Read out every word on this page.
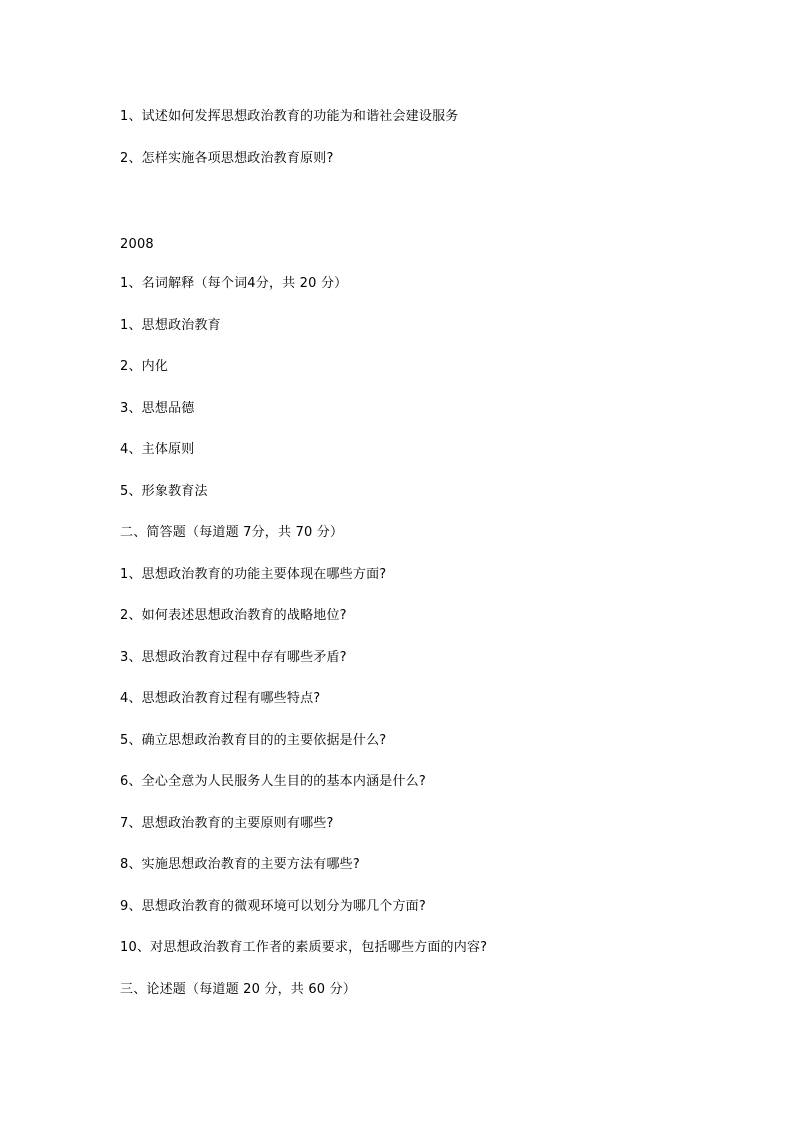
1、试述如何发挥思想政治教育的功能为和谐社会建设服务
2、怎样实施各项思想政治教育原则?
2008
1、名词解释（每个词4分，共 20 分）
1、思想政治教育
2、内化
3、思想品德
4、主体原则
5、形象教育法
二、简答题（每道题 7分，共 70 分）
1、思想政治教育的功能主要体现在哪些方面?
2、如何表述思想政治教育的战略地位?
3、思想政治教育过程中存有哪些矛盾?
4、思想政治教育过程有哪些特点?
5、确立思想政治教育目的的主要依据是什么?
6、全心全意为人民服务人生目的的基本内涵是什么?
7、思想政治教育的主要原则有哪些?
8、实施思想政治教育的主要方法有哪些?
9、思想政治教育的微观环境可以划分为哪几个方面?
10、对思想政治教育工作者的素质要求，包括哪些方面的内容?
三、论述题（每道题 20 分，共 60 分）
